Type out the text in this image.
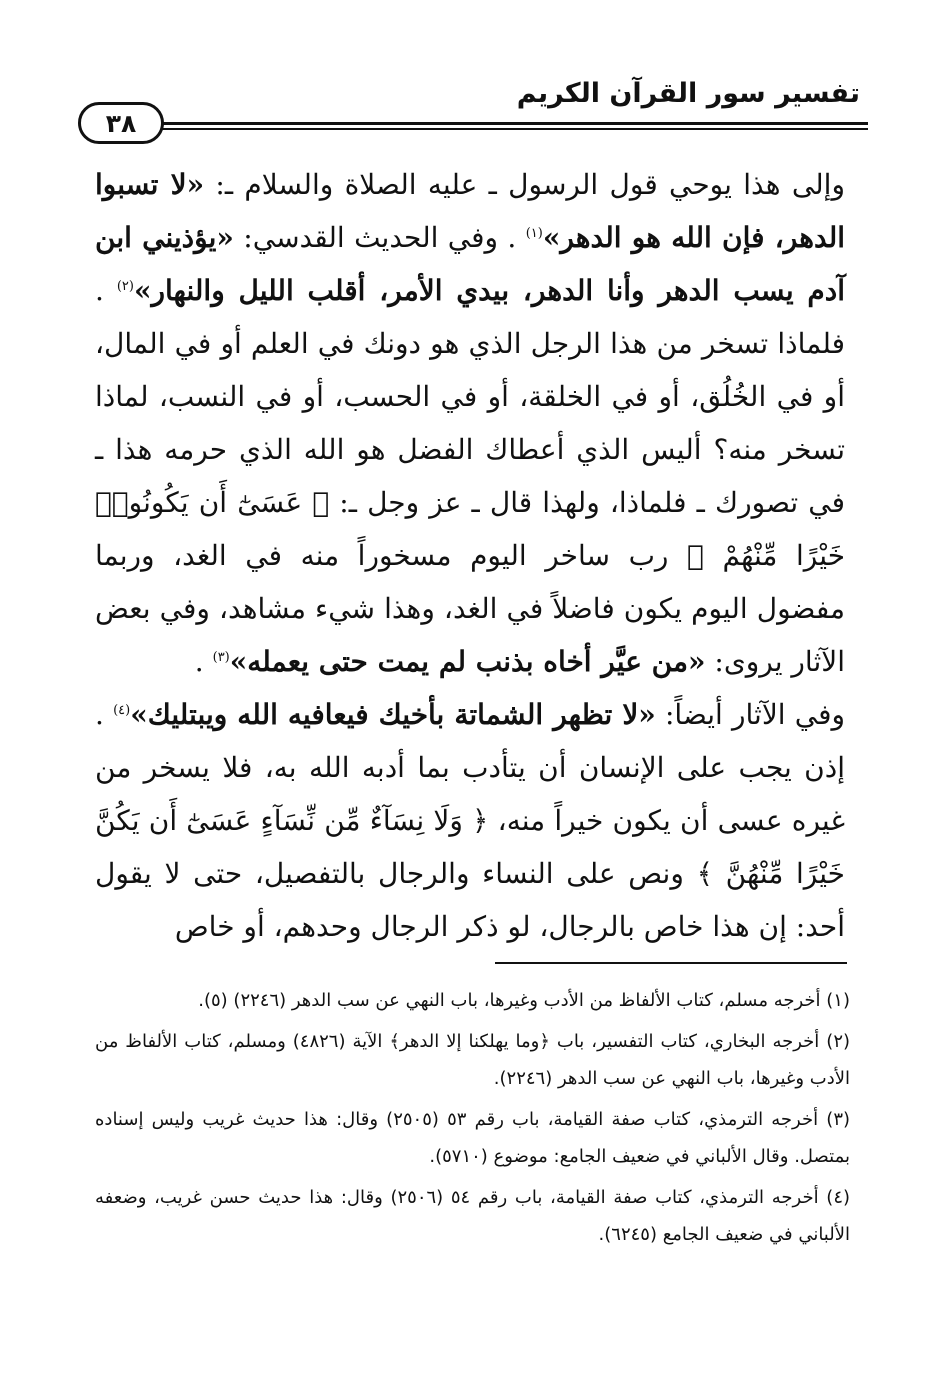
تفسير سور القرآن الكريم
٣٨

وإلى هذا يوحي قول الرسول ـ عليه الصلاة والسلام ـ: «لا تسبوا الدهر، فإن الله هو الدهر»$^{(١)}$ . وفي الحديث القدسي: «يؤذيني ابن آدم يسب الدهر وأنا الدهر، بيدي الأمر، أقلب الليل والنهار»$^{(٢)}$ . فلماذا تسخر من هذا الرجل الذي هو دونك في العلم أو في المال، أو في الخُلُق، أو في الخلقة، أو في الحسب، أو في النسب، لماذا تسخر منه؟ أليس الذي أعطاك الفضل هو الله الذي حرمه هذا ـ في تصورك ـ فلماذا، ولهذا قال ـ عز وجل ـ: ﴿ عَسَىٰٓ أَن يَكُونُوا۟ خَيْرًا مِّنْهُمْ ﴾ رب ساخر اليوم مسخوراً منه في الغد، وربما مفضول اليوم يكون فاضلاً في الغد، وهذا شيء مشاهد، وفي بعض الآثار يروى: «من عيَّر أخاه بذنب لم يمت حتى يعمله»$^{(٣)}$ .

وفي الآثار أيضاً: «لا تظهر الشماتة بأخيك فيعافيه الله ويبتليك»$^{(٤)}$ . إذن يجب على الإنسان أن يتأدب بما أدبه الله به، فلا يسخر من غيره عسى أن يكون خيراً منه، ﴿ وَلَا نِسَآءٌ مِّن نِّسَآءٍ عَسَىٰٓ أَن يَكُنَّ خَيْرًا مِّنْهُنَّ ﴾ ونص على النساء والرجال بالتفصيل، حتى لا يقول أحد: إن هذا خاص بالرجال، لو ذكر الرجال وحدهم، أو خاص

(١) أخرجه مسلم، كتاب الألفاظ من الأدب وغيرها، باب النهي عن سب الدهر (٢٢٤٦) (٥).

(٢) أخرجه البخاري، كتاب التفسير، باب ﴿وما يهلكنا إلا الدهر﴾ الآية (٤٨٢٦) ومسلم، كتاب الألفاظ من الأدب وغيرها، باب النهي عن سب الدهر (٢٢٤٦).

(٣) أخرجه الترمذي، كتاب صفة القيامة، باب رقم ٥٣ (٢٥٠٥) وقال: هذا حديث غريب وليس إسناده بمتصل. وقال الألباني في ضعيف الجامع: موضوع (٥٧١٠).

(٤) أخرجه الترمذي، كتاب صفة القيامة، باب رقم ٥٤ (٢٥٠٦) وقال: هذا حديث حسن غريب، وضعفه الألباني في ضعيف الجامع (٦٢٤٥).
